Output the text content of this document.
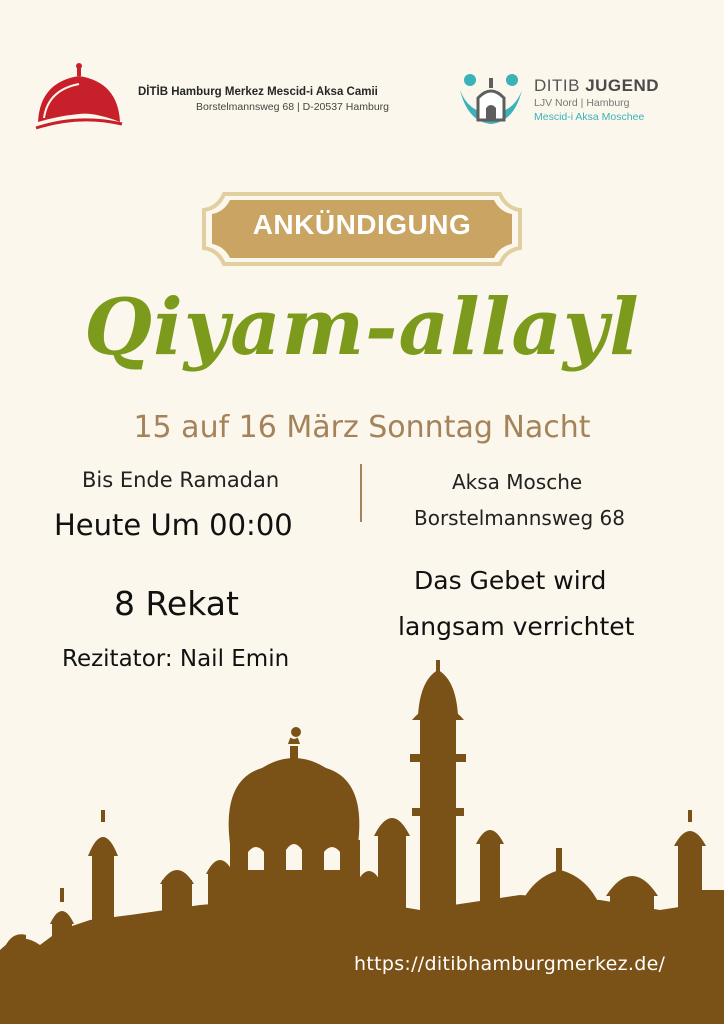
DİTİB Hamburg Merkez Mescid-i Aksa Camii
Borstelmannsweg 68 | D-20537 Hamburg
DITIB JUGEND
LJV Nord | Hamburg
Mescid-i Aksa Moschee
ANKÜNDIGUNG
Qiyam-allayl
15 auf 16 März Sonntag Nacht
Bis Ende Ramadan
Heute Um 00:00
Aksa Mosche
Borstelmannsweg 68
8 Rekat
Rezitator: Nail Emin
Das Gebet wird
langsam verrichtet
https://ditibhamburgmerkez.de/
